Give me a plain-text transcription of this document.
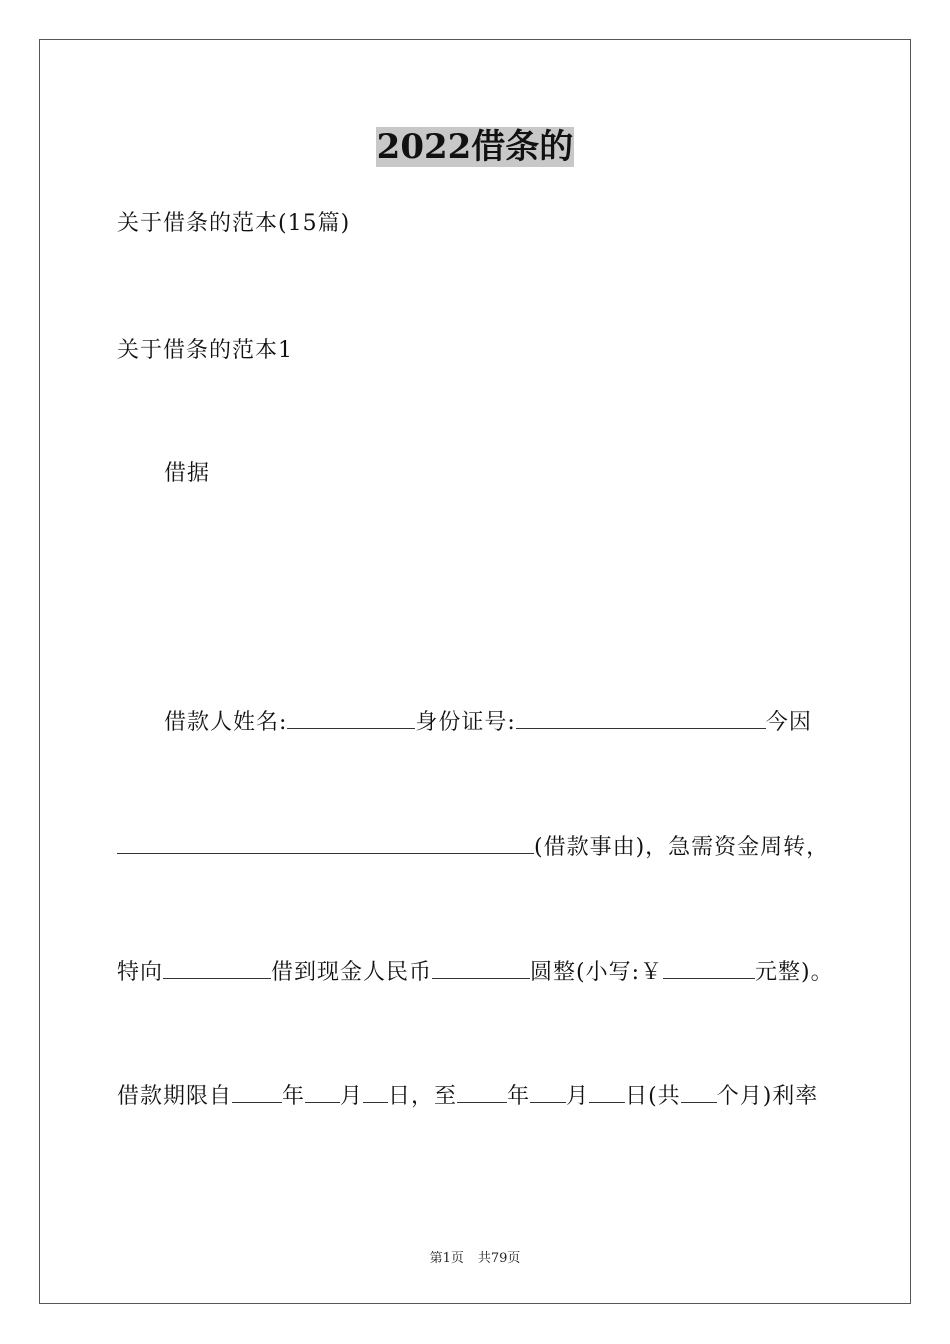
2022借条的
关于借条的范本(15篇)
关于借条的范本1
借据
借款人姓名:	身份证号:	今因
(借款事由)，急需资金周转，
特向	借到现金人民币	圆整(小写:￥	元整)。
借款期限自 年 月 日，至 年 月 日(共 个月)利率
第1页 共79页
